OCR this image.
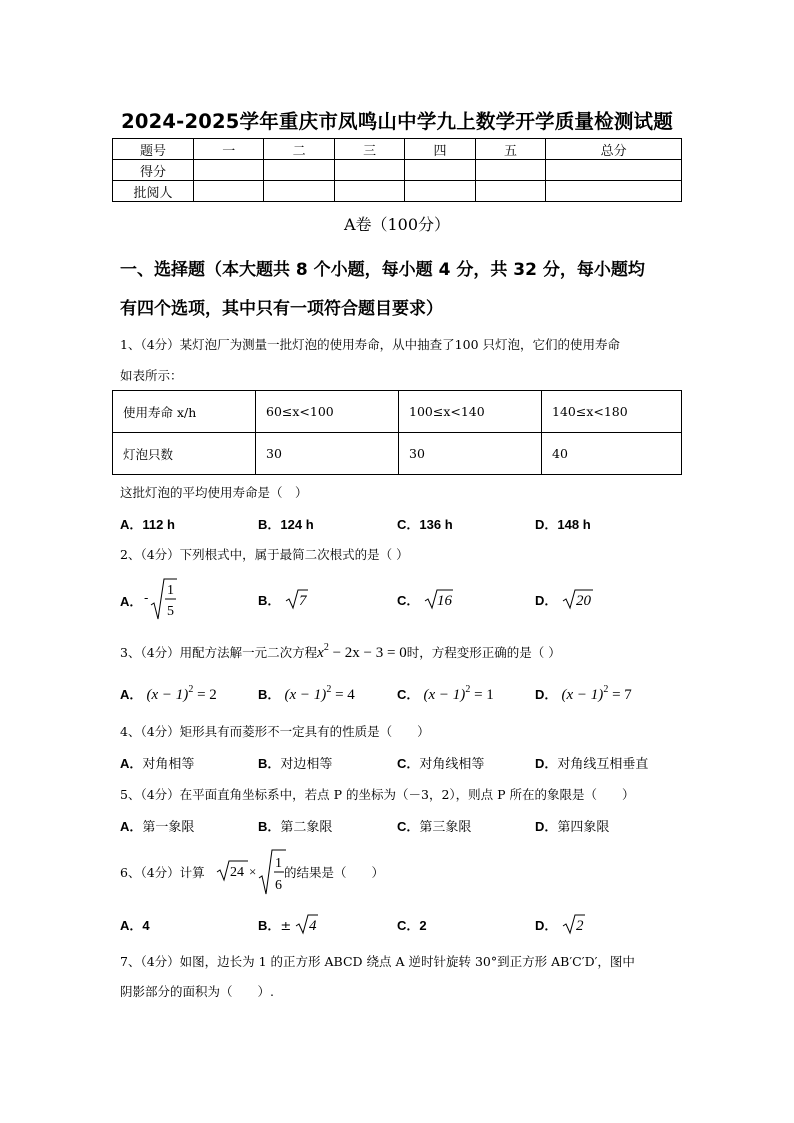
2024-2025学年重庆市凤鸣山中学九上数学开学质量检测试题
题号	一	二	三	四	五	总分
得分						
批阅人						
A卷（100分）
一、选择题（本大题共 8 个小题，每小题 4 分，共 32 分，每小题均
有四个选项，其中只有一项符合题目要求）
1、（4分）某灯泡厂为测量一批灯泡的使用寿命，从中抽查了100 只灯泡，它们的使用寿命
如表所示：
使用寿命 x/h	60≤x<100	100≤x<140	140≤x<180
灯泡只数	30	30	40
这批灯泡的平均使用寿命是（　）
A．112 h	B．124 h	C．136 h	D．148 h
2、（4分）下列根式中，属于最简二次根式的是（ ）
A． -
1
5
B． 7	C． 16	D． 20
3、（4分）用配方法解一元二次方程$x^2 - 2x - 3 = 0$时，方程变形正确的是（ ）
A． $(x - 1)^2 = 2$	B． $(x - 1)^2 = 4$	C． $(x - 1)^2 = 1$	D． $(x - 1)^2 = 7$
4、（4分）矩形具有而菱形不一定具有的性质是（　　）
A．对角相等	B．对边相等	C．对角线相等	D．对角线互相垂直
5、（4分）在平面直角坐标系中，若点 P 的坐标为（－3，2），则点 P 所在的象限是（　　）
A．第一象限	B．第二象限	C．第三象限	D．第四象限
6、（4分）计算 24 ×
1
6
的结果是（　　）
A．4	B．± 4	C．2	D． 2
7、（4分）如图，边长为 1 的正方形 ABCD 绕点 A 逆时针旋转 30°到正方形 AB′C′D′，图中
阴影部分的面积为（　　）.
